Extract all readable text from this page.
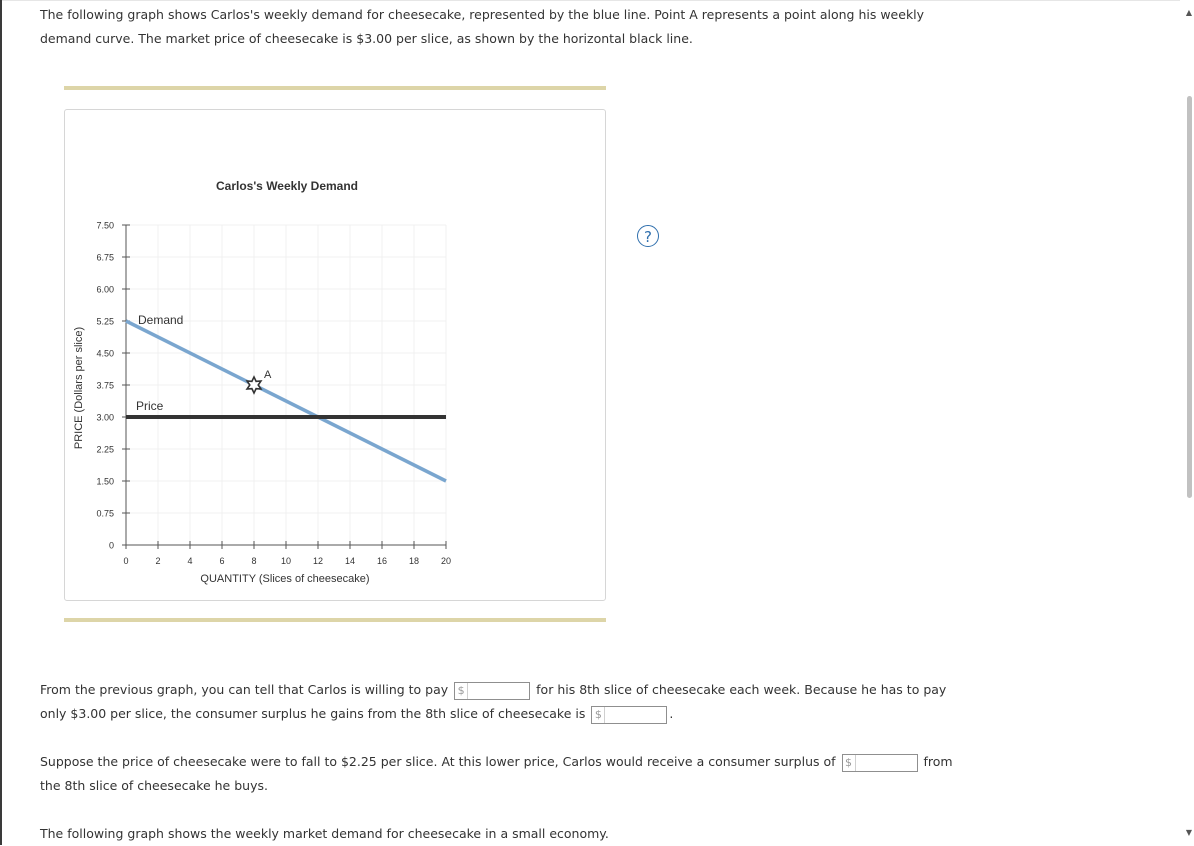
The following graph shows Carlos's weekly demand for cheesecake, represented by the blue line. Point A represents a point along his weekly demand curve. The market price of cheesecake is $3.00 per slice, as shown by the horizontal black line.

Carlos's Weekly Demand
0	2	4	6	8	10 12 14 16 18 20
0
0.75
1.50
2.25
3.00
3.75
4.50
5.25
6.00
6.75
7.50
Demand
Price
A
QUANTITY (Slices of cheesecake)
PRICE (Dollars per slice)
?

From the previous graph, you can tell that Carlos is willing to pay $	for his 8th slice of cheesecake each week. Because he has to pay only $3.00 per slice, the consumer surplus he gains from the 8th slice of cheesecake is $	.

Suppose the price of cheesecake were to fall to $2.25 per slice. At this lower price, Carlos would receive a consumer surplus of $	from the 8th slice of cheesecake he buys.

The following graph shows the weekly market demand for cheesecake in a small economy.

▲
▼
